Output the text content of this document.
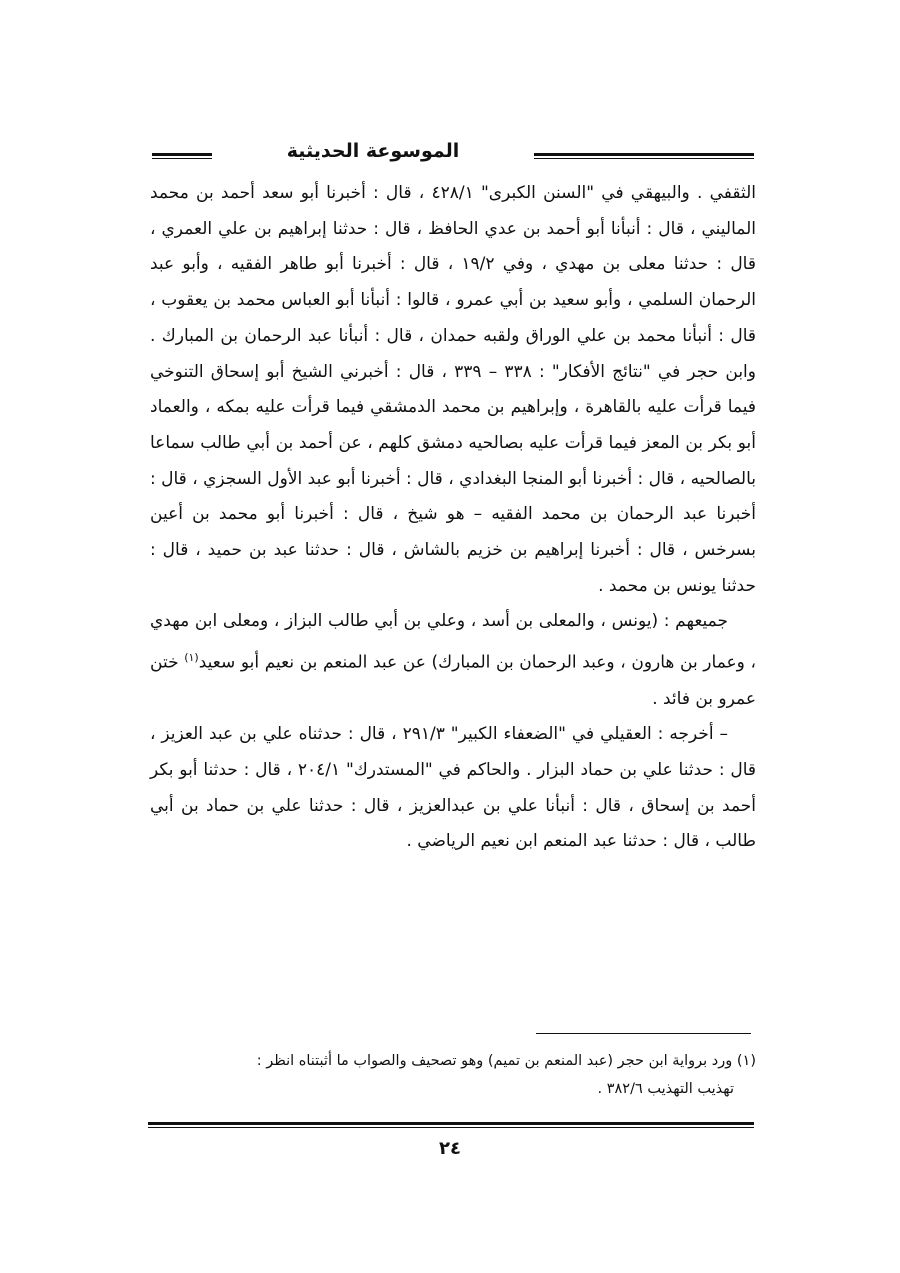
الموسوعة الحديثية

الثقفي . والبيهقي في "السنن الكبرى" ٤٢٨/١ ، قال : أخبرنا أبو سعد أحمد بن محمد الماليني ، قال : أنبأنا أبو أحمد بن عدي الحافظ ، قال : حدثنا إبراهيم بن علي العمري ، قال : حدثنا معلى بن مهدي ، وفي ١٩/٢ ، قال : أخبرنا أبو طاهر الفقيه ، وأبو عبد الرحمان السلمي ، وأبو سعيد بن أبي عمرو ، قالوا : أنبأنا أبو العباس محمد بن يعقوب ، قال : أنبأنا محمد بن علي الوراق ولقبه حمدان ، قال : أنبأنا عبد الرحمان بن المبارك . وابن حجر في "نتائج الأفكار" : ٣٣٨ – ٣٣٩ ، قال : أخبرني الشيخ أبو إسحاق التنوخي فيما قرأت عليه بالقاهرة ، وإبراهيم بن محمد الدمشقي فيما قرأت عليه بمكه ، والعماد أبو بكر بن المعز فيما قرأت عليه بصالحيه دمشق كلهم ، عن أحمد بن أبي طالب سماعا بالصالحيه ، قال : أخبرنا أبو المنجا البغدادي ، قال : أخبرنا أبو عبد الأول السجزي ، قال : أخبرنا عبد الرحمان بن محمد الفقيه – هو شيخ ، قال : أخبرنا أبو محمد بن أعين بسرخس ، قال : أخبرنا إبراهيم بن خزيم بالشاش ، قال : حدثنا عبد بن حميد ، قال : حدثنا يونس بن محمد .

جميعهم : (يونس ، والمعلى بن أسد ، وعلي بن أبي طالب البزاز ، ومعلى ابن مهدي ، وعمار بن هارون ، وعبد الرحمان بن المبارك) عن عبد المنعم بن نعيم أبو سعيد$^{(١)}$ ختن عمرو بن فائد .

– أخرجه : العقيلي في "الضعفاء الكبير" ٢٩١/٣ ، قال : حدثناه علي بن عبد العزيز ، قال : حدثنا علي بن حماد البزار . والحاكم في "المستدرك" ٢٠٤/١ ، قال : حدثنا أبو بكر أحمد بن إسحاق ، قال : أنبأنا علي بن عبدالعزيز ، قال : حدثنا علي بن حماد بن أبي طالب ، قال : حدثنا عبد المنعم ابن نعيم الرياضي .

(١) ورد برواية ابن حجر (عبد المنعم بن تميم) وهو تصحيف والصواب ما أثبتناه انظر :
تهذيب التهذيب ٣٨٢/٦ .
٢٤
